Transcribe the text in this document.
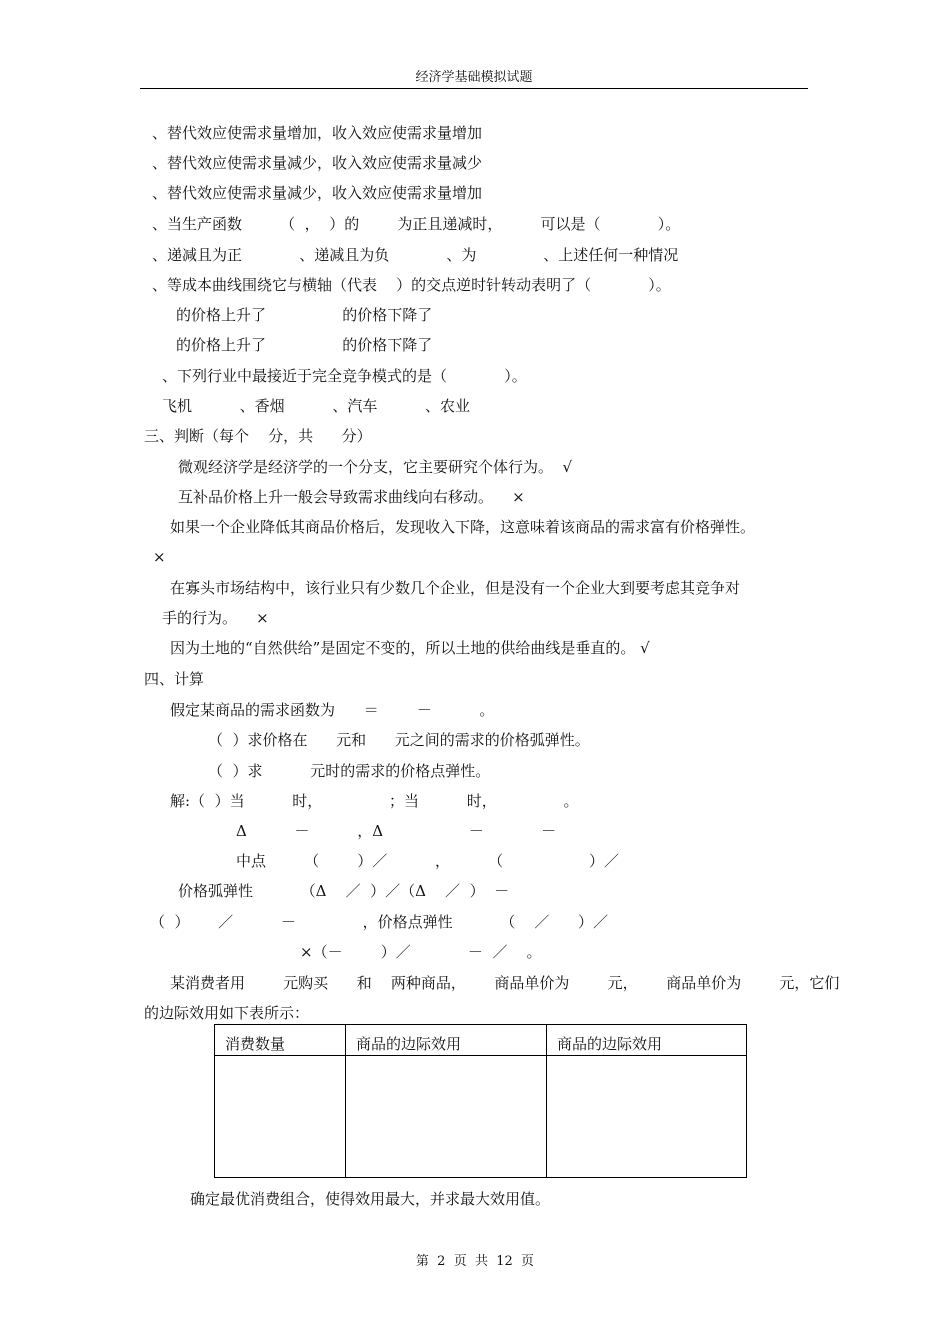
经济学基础模拟试题
、替代效应使需求量增加，收入效应使需求量增加
、替代效应使需求量减少，收入效应使需求量减少
、替代效应使需求量减少，收入效应使需求量增加
、当生产函数        （  ，  ）的        为正且递减时，        可以是（            ）。
、递减且为正            、递减且为负            、为              、上述任何一种情况
、等成本曲线围绕它与横轴（代表    ）的交点逆时针转动表明了（            ）。
的价格上升了                的价格下降了
的价格上升了                的价格下降了
、下列行业中最接近于完全竞争模式的是（            ）。
飞机          、香烟          、汽车          、农业
三、判断（每个    分，共      分）
微观经济学是经济学的一个分支，它主要研究个体行为。  √
互补品价格上升一般会导致需求曲线向右移动。    ×
如果一个企业降低其商品价格后，发现收入下降，这意味着该商品的需求富有价格弹性。
×
在寡头市场结构中，该行业只有少数几个企业，但是没有一个企业大到要考虑其竞争对
手的行为。    ×
因为土地的“自然供给”是固定不变的，所以土地的供给曲线是垂直的。 √
四、计算
假定某商品的需求函数为      ＝        －          。
（  ）求价格在      元和      元之间的需求的价格弧弹性。
（  ）求          元时的需求的价格点弹性。
解:（  ）当          时，              ；当          时，              。
Δ          －          ，Δ                  －            －
中点        （        ）／          ，        （                  ）／
价格弧弹性          （Δ    ／  ）／（Δ    ／  ）  －
（  ）      ／          －              ，价格点弹性          （    ／      ）／
×（－        ）／            －  ／    。
某消费者用        元购买      和    两种商品，      商品单价为        元，      商品单价为        元，它们
的边际效用如下表所示：
消费数量	商品的边际效用	商品的边际效用

确定最优消费组合，使得效用最大，并求最大效用值。
第  2  页  共  12  页
